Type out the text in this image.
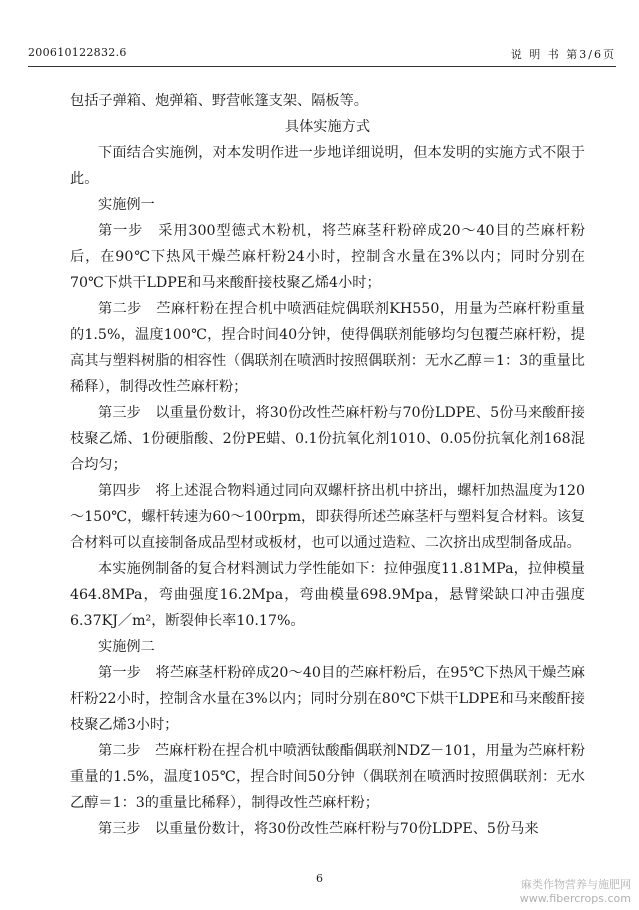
200610122832.6	说 明 书 第3/6页

包括子弹箱、炮弹箱、野营帐篷支架、隔板等。

具体实施方式

下面结合实施例，对本发明作进一步地详细说明，但本发明的实施方式不限于此。

实施例一

第一步　采用300型德式木粉机，将苎麻茎秆粉碎成20～40目的苎麻杆粉后，在90℃下热风干燥苎麻杆粉24小时，控制含水量在3%以内；同时分别在70℃下烘干LDPE和马来酸酐接枝聚乙烯4小时；

第二步　苎麻杆粉在捏合机中喷洒硅烷偶联剂KH550，用量为苎麻杆粉重量的1.5%，温度100℃，捏合时间40分钟，使得偶联剂能够均匀包覆苎麻杆粉，提高其与塑料树脂的相容性（偶联剂在喷洒时按照偶联剂：无水乙醇＝1：3的重量比稀释），制得改性苎麻杆粉；

第三步　以重量份数计，将30份改性苎麻杆粉与70份LDPE、5份马来酸酐接枝聚乙烯、1份硬脂酸、2份PE蜡、0.1份抗氧化剂1010、0.05份抗氧化剂168混合均匀；

第四步　将上述混合物料通过同向双螺杆挤出机中挤出，螺杆加热温度为120～150℃，螺杆转速为60～100rpm，即获得所述苎麻茎杆与塑料复合材料。该复合材料可以直接制备成品型材或板材，也可以通过造粒、二次挤出成型制备成品。

本实施例制备的复合材料测试力学性能如下：拉伸强度11.81MPa，拉伸模量464.8MPa，弯曲强度16.2Mpa，弯曲模量698.9Mpa，悬臂梁缺口冲击强度6.37KJ／m²，断裂伸长率10.17%。

实施例二

第一步　将苎麻茎杆粉碎成20～40目的苎麻杆粉后，在95℃下热风干燥苎麻杆粉22小时，控制含水量在3%以内；同时分别在80℃下烘干LDPE和马来酸酐接枝聚乙烯3小时；

第二步　苎麻杆粉在捏合机中喷洒钛酸酯偶联剂NDZ－101，用量为苎麻杆粉重量的1.5%，温度105℃，捏合时间50分钟（偶联剂在喷洒时按照偶联剂：无水乙醇＝1：3的重量比稀释），制得改性苎麻杆粉；

第三步　以重量份数计，将30份改性苎麻杆粉与70份LDPE、5份马来

6	麻类作物营养与施肥网
www.fibercrops.com
